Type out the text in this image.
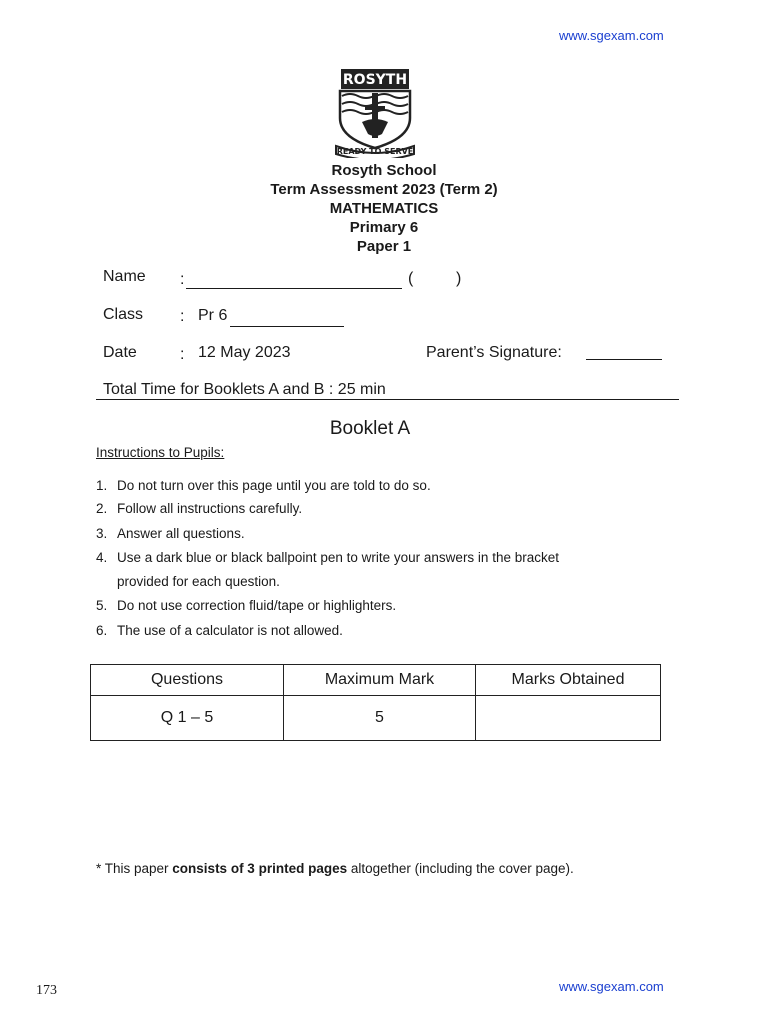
www.sgexam.com
ROSYTH
READY TO SERVE
Rosyth School
Term Assessment 2023 (Term 2)
MATHEMATICS
Primary 6
Paper 1
Name :	(	)
Class : Pr 6
Date	: 12 May 2023	Parent’s Signature:
Total Time for Booklets A and B : 25 min
Booklet A
Instructions to Pupils:
1. Do not turn over this page until you are told to do so.
2. Follow all instructions carefully.
3. Answer all questions.
4. Use a dark blue or black ballpoint pen to write your answers in the bracket
provided for each question.
5. Do not use correction fluid/tape or highlighters.
6. The use of a calculator is not allowed.
Questions	Maximum Mark	Marks Obtained
Q 1 – 5	5	
* This paper consists of 3 printed pages altogether (including the cover page).
173	www.sgexam.com
